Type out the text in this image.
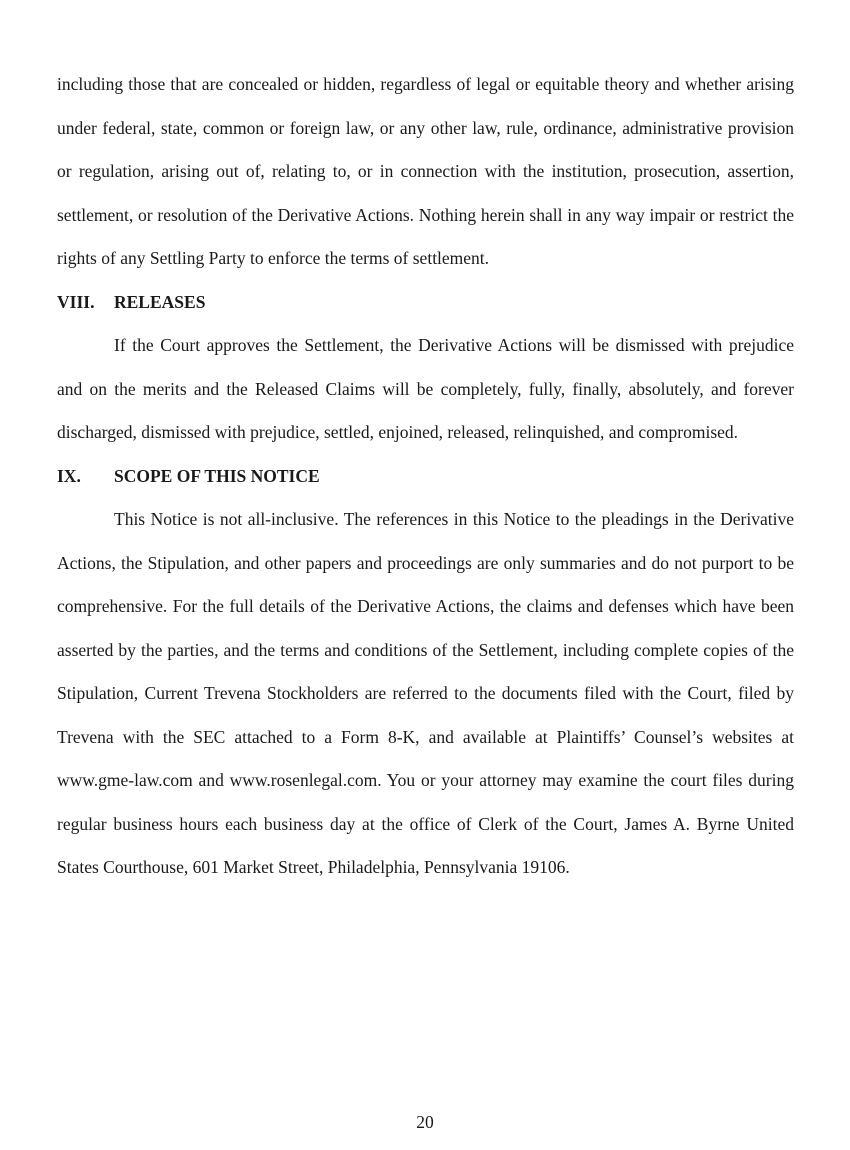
including those that are concealed or hidden, regardless of legal or equitable theory and whether arising under federal, state, common or foreign law, or any other law, rule, ordinance, administrative provision or regulation, arising out of, relating to, or in connection with the institution, prosecution, assertion, settlement, or resolution of the Derivative Actions. Nothing herein shall in any way impair or restrict the rights of any Settling Party to enforce the terms of settlement.

VIII.	RELEASES

If the Court approves the Settlement, the Derivative Actions will be dismissed with prejudice and on the merits and the Released Claims will be completely, fully, finally, absolutely, and forever discharged, dismissed with prejudice, settled, enjoined, released, relinquished, and compromised.

IX.	SCOPE OF THIS NOTICE

This Notice is not all-inclusive. The references in this Notice to the pleadings in the Derivative Actions, the Stipulation, and other papers and proceedings are only summaries and do not purport to be comprehensive. For the full details of the Derivative Actions, the claims and defenses which have been asserted by the parties, and the terms and conditions of the Settlement, including complete copies of the Stipulation, Current Trevena Stockholders are referred to the documents filed with the Court, filed by Trevena with the SEC attached to a Form 8-K, and available at Plaintiffs’ Counsel’s websites at www.gme-law.com and www.rosenlegal.com. You or your attorney may examine the court files during regular business hours each business day at the office of Clerk of the Court, James A. Byrne United States Courthouse, 601 Market Street, Philadelphia, Pennsylvania 19106.

20
